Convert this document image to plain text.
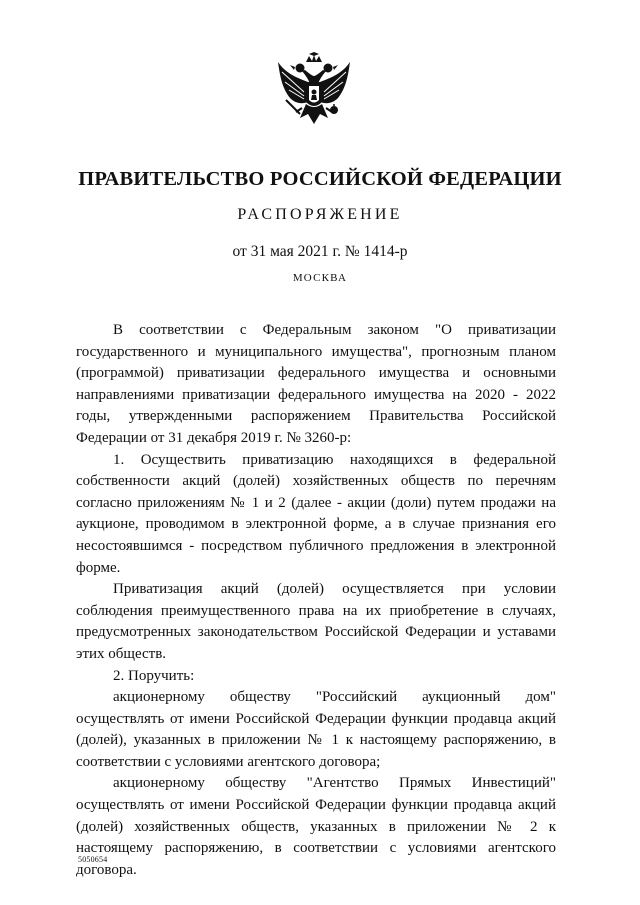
ПРАВИТЕЛЬСТВО РОССИЙСКОЙ ФЕДЕРАЦИИ
РАСПОРЯЖЕНИЕ
от 31 мая 2021 г. № 1414-р
МОСКВА

В соответствии с Федеральным законом "О приватизации государственного и муниципального имущества", прогнозным планом (программой) приватизации федерального имущества и основными направлениями приватизации федерального имущества на 2020 - 2022 годы, утвержденными распоряжением Правительства Российской Федерации от 31 декабря 2019 г. № 3260-р:

1. Осуществить приватизацию находящихся в федеральной собственности акций (долей) хозяйственных обществ по перечням согласно приложениям № 1 и 2 (далее - акции (доли) путем продажи на аукционе, проводимом в электронной форме, а в случае признания его несостоявшимся - посредством публичного предложения в электронной форме.

Приватизация акций (долей) осуществляется при условии соблюдения преимущественного права на их приобретение в случаях, предусмотренных законодательством Российской Федерации и уставами этих обществ.

2. Поручить:

акционерному обществу "Российский аукционный дом" осуществлять от имени Российской Федерации функции продавца акций (долей), указанных в приложении № 1 к настоящему распоряжению, в соответствии с условиями агентского договора;

акционерному обществу "Агентство Прямых Инвестиций" осуществлять от имени Российской Федерации функции продавца акций (долей) хозяйственных обществ, указанных в приложении № 2 к настоящему распоряжению, в соответствии с условиями агентского договора.

5050654
